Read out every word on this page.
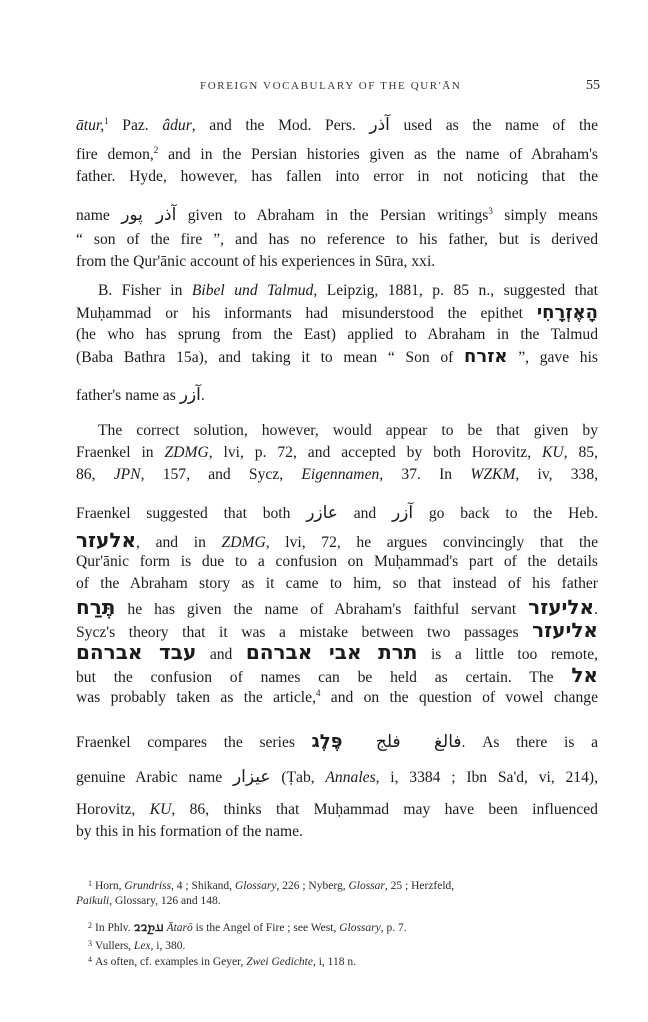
FOREIGN VOCABULARY OF THE QUR'ĀN	55
ātur,$^1$ Paz. âdur, and the Mod. Pers. آذر used as the name of the
fire demon,$^2$ and in the Persian histories given as the name of Abraham's
father. Hyde, however, has fallen into error in not noticing that the
name آذر پور given to Abraham in the Persian writings$^3$ simply means
“ son of the fire ”, and has no reference to his father, but is derived
from the Qur'ānic account of his experiences in Sūra, xxi.
B. Fisher in Bibel und Talmud, Leipzig, 1881, p. 85 n., suggested that
Muḥammad or his informants had misunderstood the epithet הָאֶזְרָחִי
(he who has sprung from the East) applied to Abraham in the Talmud
(Baba Bathra 15a), and taking it to mean “ Son of אזרח ”, gave his
father's name as آزر.
The correct solution, however, would appear to be that given by
Fraenkel in ZDMG, lvi, p. 72, and accepted by both Horovitz, KU, 85,
86, JPN, 157, and Sycz, Eigennamen, 37. In WZKM, iv, 338,
Fraenkel suggested that both عازر and آزر go back to the Heb.
אלעזר, and in ZDMG, lvi, 72, he argues convincingly that the
Qur'ānic form is due to a confusion on Muḥammad's part of the details
of the Abraham story as it came to him, so that instead of his father
תֶּרַח he has given the name of Abraham's faithful servant אליעזר.
Sycz's theory that it was a mistake between two passages אליעזר
עבד אברהם and תרת אבי אברהם is a little too remote,
but the confusion of names can be held as certain. The אל
was probably taken as the article,$^4$ and on the question of vowel change
Fraenkel compares the series פֶּלֶג فلج فالغ. As there is a
genuine Arabic name عيزار (Ṭab, Annales, i, 3384 ; Ibn Sa'd, vi, 214),
Horovitz, KU, 86, thinks that Muḥammad may have been influenced
by this in his formation of the name.
$^1$ Horn, Grundriss, 4 ; Shikand, Glossary, 226 ; Nyberg, Glossar, 25 ; Herzfeld,
Paikuli, Glossary, 126 and 148.
$^2$ In Phlv. 𐭠𐭲𐭥𐭥 Ātarō is the Angel of Fire ; see West, Glossary, p. 7.
$^3$ Vullers, Lex, i, 380.
$^4$ As often, cf. examples in Geyer, Zwei Gedichte, i, 118 n.
